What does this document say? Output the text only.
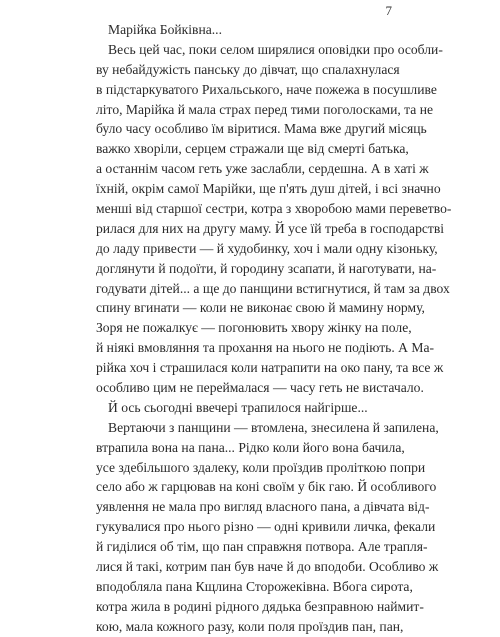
7
Марійка Бойківна...
Весь цей час, поки селом ширялися оповідки про особли-
ву небайдужість панську до дівчат, що спалахнулася
в підстаркуватого Рихальського, наче пожежа в посушливе
літо, Марійка й мала страх перед тими поголосками, та не
було часу особливо їм віритися. Мама вже другий місяць
важко хворіли, серцем стражали ще від смерті батька,
а останнім часом геть уже заслабли, сердешна. А в хаті ж
їхній, окрім самої Марійки, ще п'ять душ дітей, і всі значно
менші від старшої сестри, котра з хворобою мами переветво-
рилася для них на другу маму. Й усе їй треба в господарстві
до ладу привести — й худобинку, хоч і мали одну кізоньку,
доглянути й подоїти, й городину зсапати, й наготувати, на-
годувати дітей... а ще до панщини встигнутися, й там за двох
спину вгинати — коли не виконає свою й мамину норму,
Зоря не пожалкує — погонювить хвору жінку на поле,
й ніякі вмовляння та прохання на нього не подіють. А Ма-
рійка хоч і страшилася коли натрапити на око пану, та все ж
особливо цим не переймалася — часу геть не вистачало.
Й ось сьогодні ввечері трапилося найгірше...
Вертаючи з панщини — втомлена, знесилена й запилена,
втрапила вона на пана... Рідко коли його вона бачила,
усе здебільшого здалеку, коли проїздив проліткою попри
село або ж гарцював на коні своїм у бік гаю. Й особливого
уявлення не мала про вигляд власного пана, а дівчата від-
гукувалися про нього різно — одні кривили личка, фекали
й гиділися об тім, що пан справжня потвора. Але трапля-
лися й такі, котрим пан був наче й до вподоби. Особливо ж
вподобляла пана Кщлина Сторожеківна. Вбога сирота,
котра жила в родині рідного дядька безправною наймит-
кою, мала кожного разу, коли поля проїздив пан, пан,
